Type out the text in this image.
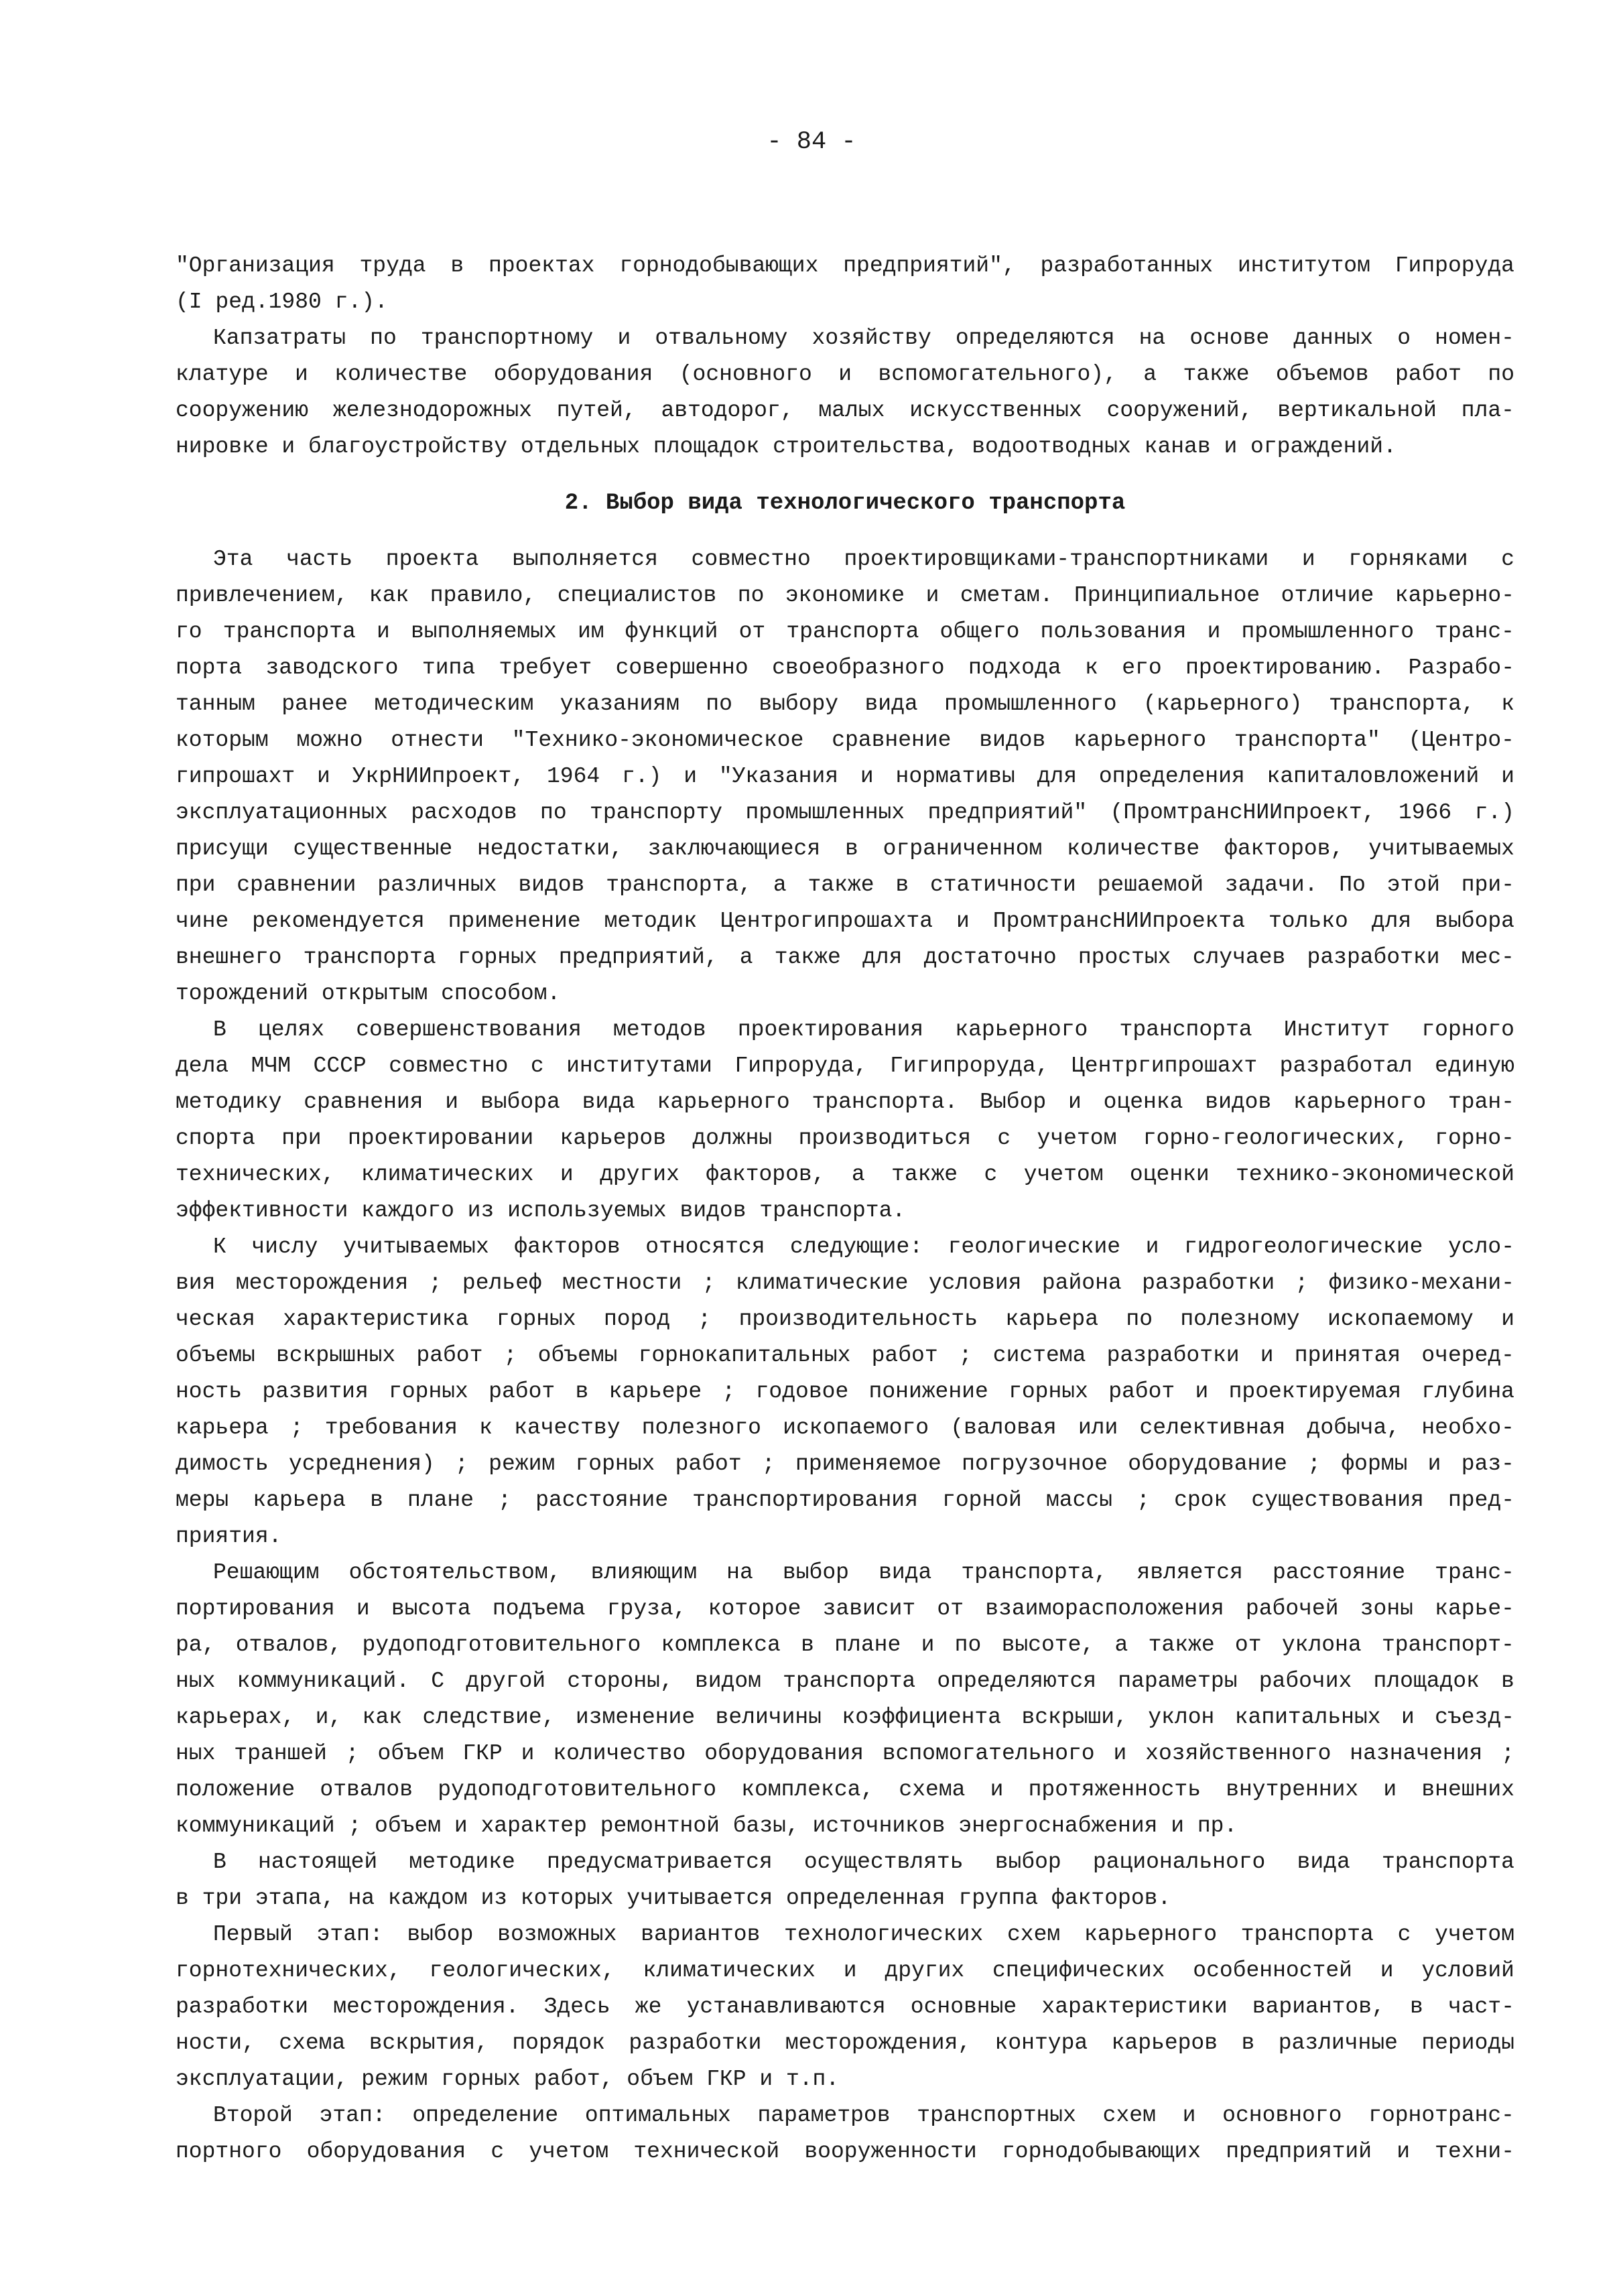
- 84 -

"Организация труда в проектах горнодобывающих предприятий", разработанных институтом Гипроруда
(I ред.1980 г.).

Капзатраты по транспортному и отвальному хозяйству определяются на основе данных о номен-
клатуре и количестве оборудования (основного и вспомогательного), а также объемов работ по
сооружению железнодорожных путей, автодорог, малых искусственных сооружений, вертикальной пла-
нировке и благоустройству отдельных площадок строительства, водоотводных канав и ограждений.

2. Выбор вида технологического транспорта

Эта часть проекта выполняется совместно проектировщиками-транспортниками и горняками с
привлечением, как правило, специалистов по экономике и сметам. Принципиальное отличие карьерно-
го транспорта и выполняемых им функций от транспорта общего пользования и промышленного транс-
порта заводского типа требует совершенно своеобразного подхода к его проектированию. Разрабо-
танным ранее методическим указаниям по выбору вида промышленного (карьерного) транспорта, к
которым можно отнести "Технико-экономическое сравнение видов карьерного транспорта" (Центро-
гипрошахт и УкрНИИпроект, 1964 г.) и "Указания и нормативы для определения капиталовложений и
эксплуатационных расходов по транспорту промышленных предприятий" (ПромтрансНИИпроект, 1966 г.)
присущи существенные недостатки, заключающиеся в ограниченном количестве факторов, учитываемых
при сравнении различных видов транспорта, а также в статичности решаемой задачи. По этой при-
чине рекомендуется применение методик Центрогипрошахта и ПромтрансНИИпроекта только для выбора
внешнего транспорта горных предприятий, а также для достаточно простых случаев разработки мес-
торождений открытым способом.

В целях совершенствования методов проектирования карьерного транспорта Институт горного
дела МЧМ СССР совместно с институтами Гипроруда, Гигипроруда, Центргипрошахт разработал единую
методику сравнения и выбора вида карьерного транспорта. Выбор и оценка видов карьерного тран-
спорта при проектировании карьеров должны производиться с учетом горно-геологических, горно-
технических, климатических и других факторов, а также с учетом оценки технико-экономической
эффективности каждого из используемых видов транспорта.

К числу учитываемых факторов относятся следующие: геологические и гидрогеологические усло-
вия месторождения ; рельеф местности ; климатические условия района разработки ; физико-механи-
ческая характеристика горных пород ; производительность карьера по полезному ископаемому и
объемы вскрышных работ ; объемы горнокапитальных работ ; система разработки и принятая очеред-
ность развития горных работ в карьере ; годовое понижение горных работ и проектируемая глубина
карьера ; требования к качеству полезного ископаемого (валовая или селективная добыча, необхо-
димость усреднения) ; режим горных работ ; применяемое погрузочное оборудование ; формы и раз-
меры карьера в плане ; расстояние транспортирования горной массы ; срок существования пред-
приятия.

Решающим обстоятельством, влияющим на выбор вида транспорта, является расстояние транс-
портирования и высота подъема груза, которое зависит от взаиморасположения рабочей зоны карье-
ра, отвалов, рудоподготовительного комплекса в плане и по высоте, а также от уклона транспорт-
ных коммуникаций. С другой стороны, видом транспорта определяются параметры рабочих площадок в
карьерах, и, как следствие, изменение величины коэффициента вскрыши, уклон капитальных и съезд-
ных траншей ; объем ГКР и количество оборудования вспомогательного и хозяйственного назначения ;
положение отвалов рудоподготовительного комплекса, схема и протяженность внутренних и внешних
коммуникаций ; объем и характер ремонтной базы, источников энергоснабжения и пр.

В настоящей методике предусматривается осуществлять выбор рационального вида транспорта
в три этапа, на каждом из которых учитывается определенная группа факторов.

Первый этап: выбор возможных вариантов технологических схем карьерного транспорта с учетом
горнотехнических, геологических, климатических и других специфических особенностей и условий
разработки месторождения. Здесь же устанавливаются основные характеристики вариантов, в част-
ности, схема вскрытия, порядок разработки месторождения, контура карьеров в различные периоды
эксплуатации, режим горных работ, объем ГКР и т.п.

Второй этап: определение оптимальных параметров транспортных схем и основного горнотранс-
портного оборудования с учетом технической вооруженности горнодобывающих предприятий и техни-
